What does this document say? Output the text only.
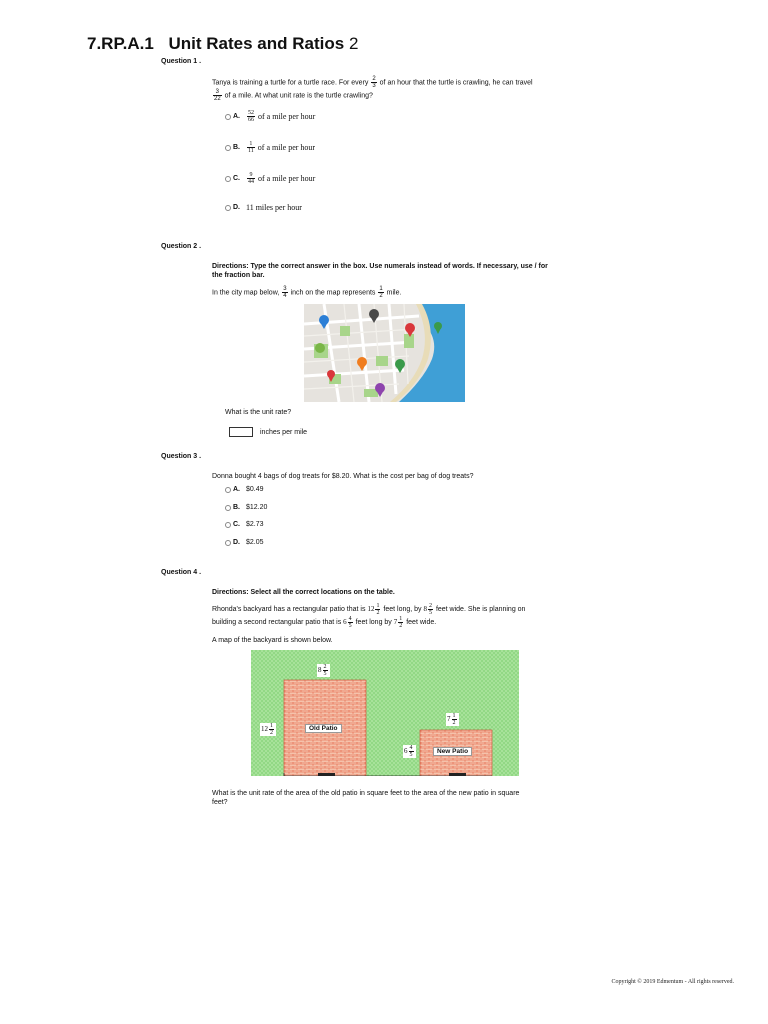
7.RP.A.1 Unit Rates and Ratios 2
Question 1 .
Tanya is training a turtle for a turtle race. For every $\frac{2}{3}$ of an hour that the turtle is crawling, he can travel

$\frac{3}{22}$ of a mile. At what unit rate is the turtle crawling?
A. $\frac{52}{66}$
of a mile per hour
B. $\frac{1}{11}$
of a mile per hour
C. $\frac{9}{44}$
of a mile per hour
D. 11
miles per hour
Question 2 .
Directions: Type the correct answer in the box. Use numerals instead of words. If necessary, use / for the fraction bar.
In the city map below, $\frac{3}{4}$ inch on the map represents $\frac{1}{2}$ mile.
What is the unit rate?
inches per mile
Question 3 .
Donna bought 4 bags of dog treats for $8.20. What is the cost per bag of dog treats?
A. $0.49
B. $12.20
C. $2.73
D. $2.05
Question 4 .
Directions: Select all the correct locations on the table.
Rhonda's backyard has a rectangular patio that is $12 \frac{1}{2}$ feet long, by $8 \frac{2}{5}$ feet wide. She is planning on
building a second rectangular patio that is $6 \frac{4}{5}$ feet long by $7 \frac{1}{2}$ feet wide.
A map of the backyard is shown below.
Old Patio
New Patio
$8 \frac{2}{5}$
$12 \frac{1}{2}$
$7 \frac{1}{2}$
$6 \frac{4}{5}$
What is the unit rate of the area of the old patio in square feet to the area of the new patio in square feet?
Copyright © 2019 Edmentum - All rights reserved.
